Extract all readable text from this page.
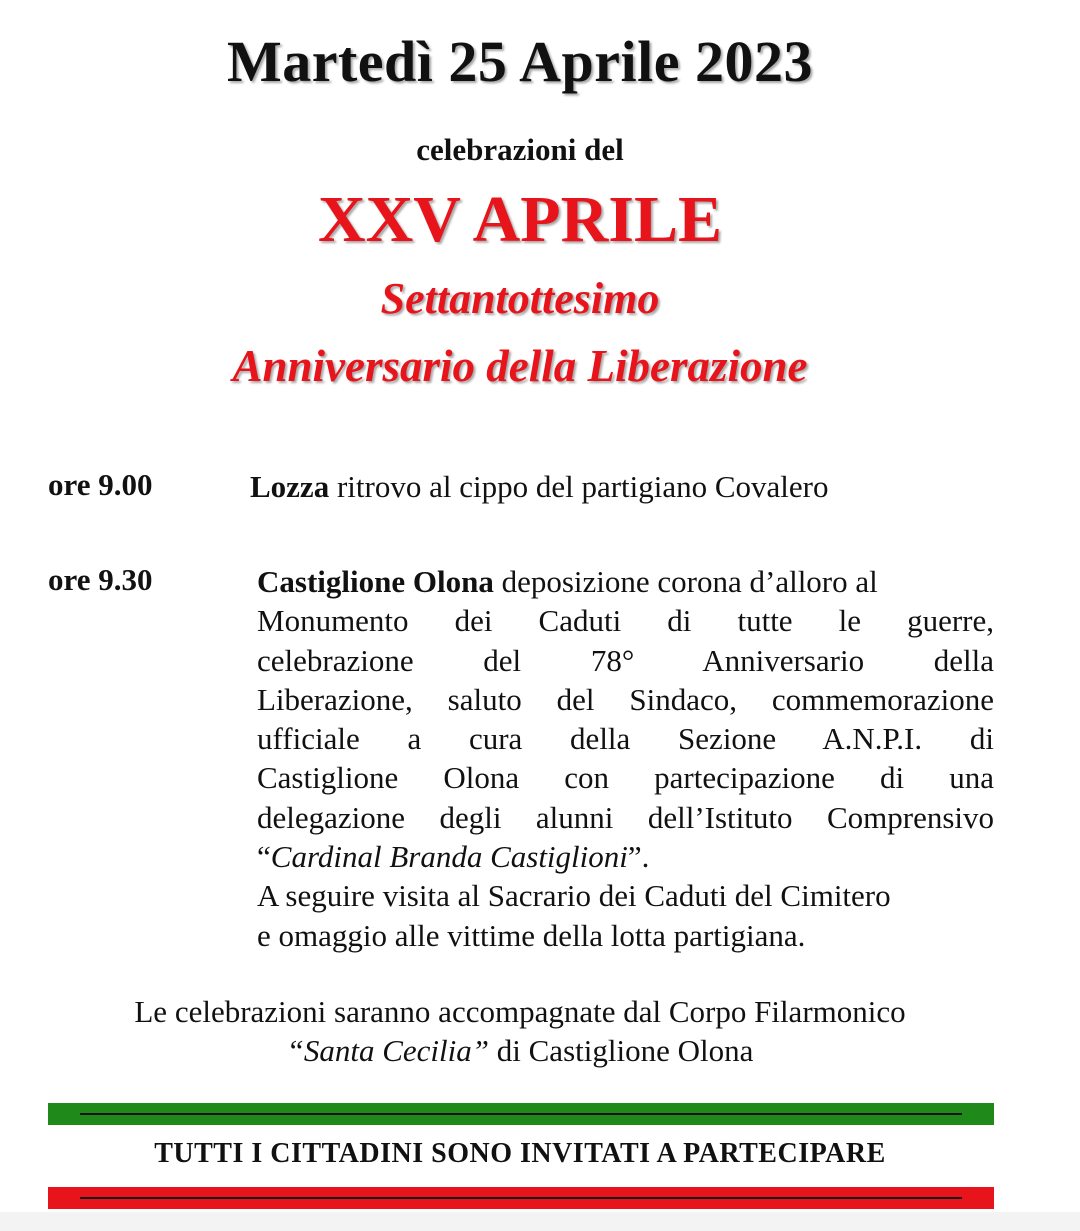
Martedì 25 Aprile 2023
celebrazioni del
XXV APRILE
Settantottesimo
Anniversario della Liberazione
ore 9.00	Lozza ritrovo al cippo del partigiano Covalero
ore 9.30	Castiglione Olona deposizione corona d’alloro al
Monumento dei Caduti di tutte le guerre,
celebrazione del 78° Anniversario della
Liberazione, saluto del Sindaco, commemorazione
ufficiale a cura della Sezione A.N.P.I. di
Castiglione Olona con partecipazione di una
delegazione degli alunni dell’Istituto Comprensivo
“Cardinal Branda Castiglioni”.
A seguire visita al Sacrario dei Caduti del Cimitero
e omaggio alle vittime della lotta partigiana.
Le celebrazioni saranno accompagnate dal Corpo Filarmonico
“Santa Cecilia” di Castiglione Olona
TUTTI I CITTADINI SONO INVITATI A PARTECIPARE
